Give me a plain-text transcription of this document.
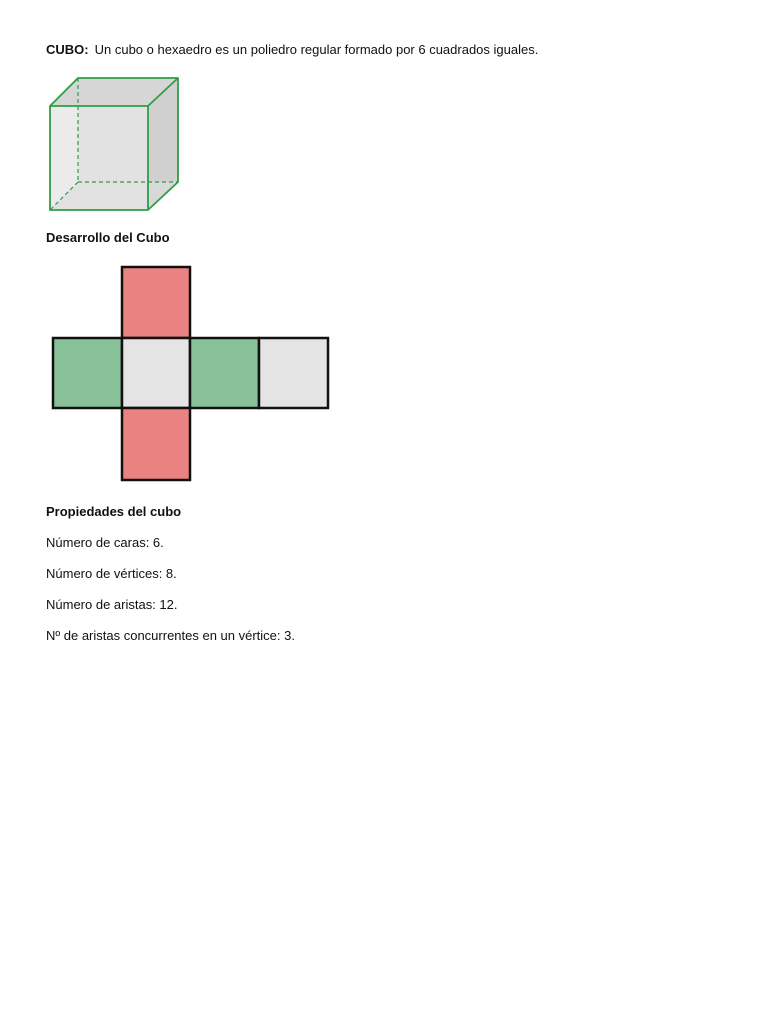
CUBO: Un cubo o hexaedro es un poliedro regular formado por 6 cuadrados iguales.
Desarrollo del Cubo
Propiedades del cubo
Número de caras: 6.
Número de vértices: 8.
Número de aristas: 12.
Nº de aristas concurrentes en un vértice: 3.
